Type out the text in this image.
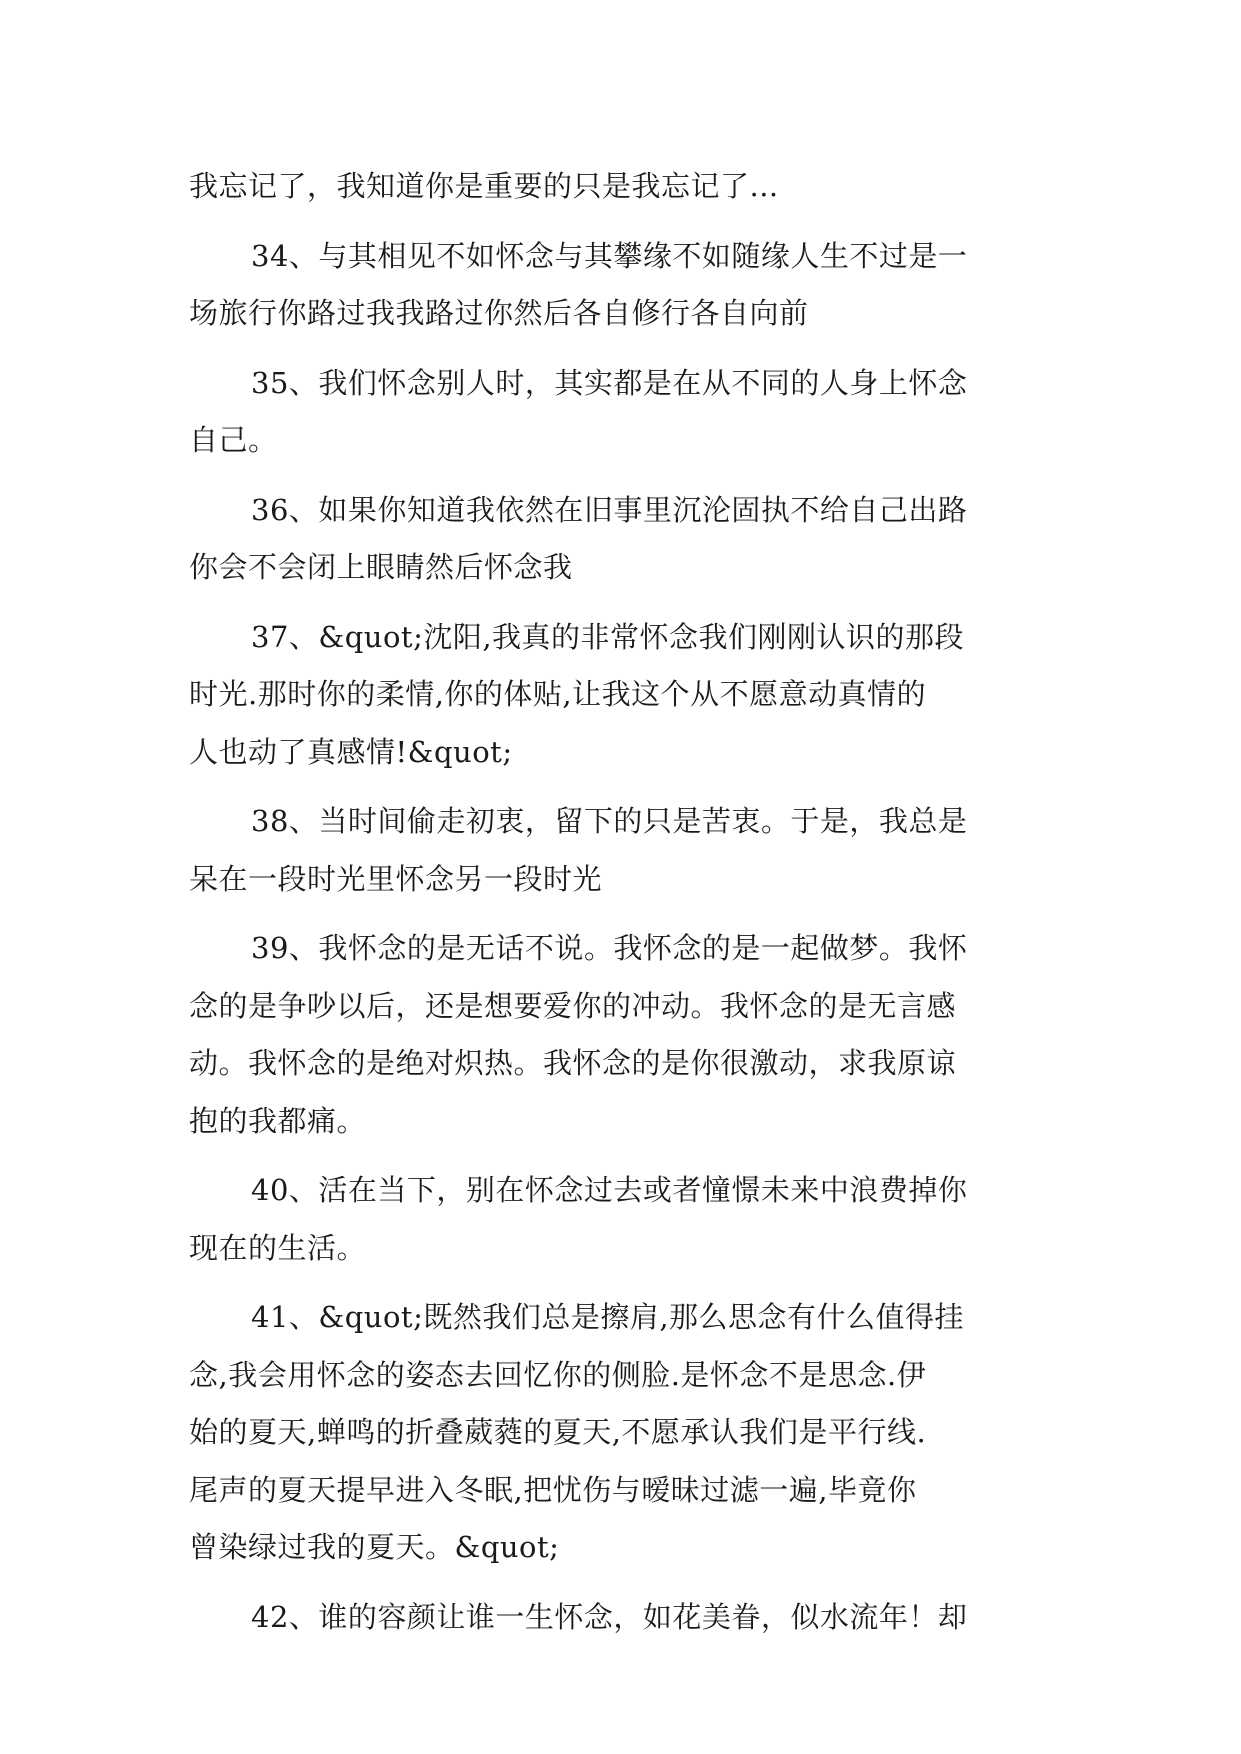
我忘记了，我知道你是重要的只是我忘记了...
34、与其相见不如怀念与其攀缘不如随缘人生不过是一
场旅行你路过我我路过你然后各自修行各自向前
35、我们怀念别人时，其实都是在从不同的人身上怀念
自己。
36、如果你知道我依然在旧事里沉沦固执不给自己出路
你会不会闭上眼睛然后怀念我
37、&quot;沈阳,我真的非常怀念我们刚刚认识的那段
时光.那时你的柔情,你的体贴,让我这个从不愿意动真情的
人也动了真感情!&quot;
38、当时间偷走初衷，留下的只是苦衷。于是，我总是
呆在一段时光里怀念另一段时光
39、我怀念的是无话不说。我怀念的是一起做梦。我怀
念的是争吵以后，还是想要爱你的冲动。我怀念的是无言感
动。我怀念的是绝对炽热。我怀念的是你很激动，求我原谅
抱的我都痛。
40、活在当下，别在怀念过去或者憧憬未来中浪费掉你
现在的生活。
41、&quot;既然我们总是擦肩,那么思念有什么值得挂
念,我会用怀念的姿态去回忆你的侧脸.是怀念不是思念.伊
始的夏天,蝉鸣的折叠葳蕤的夏天,不愿承认我们是平行线.
尾声的夏天提早进入冬眠,把忧伤与暧昧过滤一遍,毕竟你
曾染绿过我的夏天。&quot;
42、谁的容颜让谁一生怀念，如花美眷，似水流年！却
